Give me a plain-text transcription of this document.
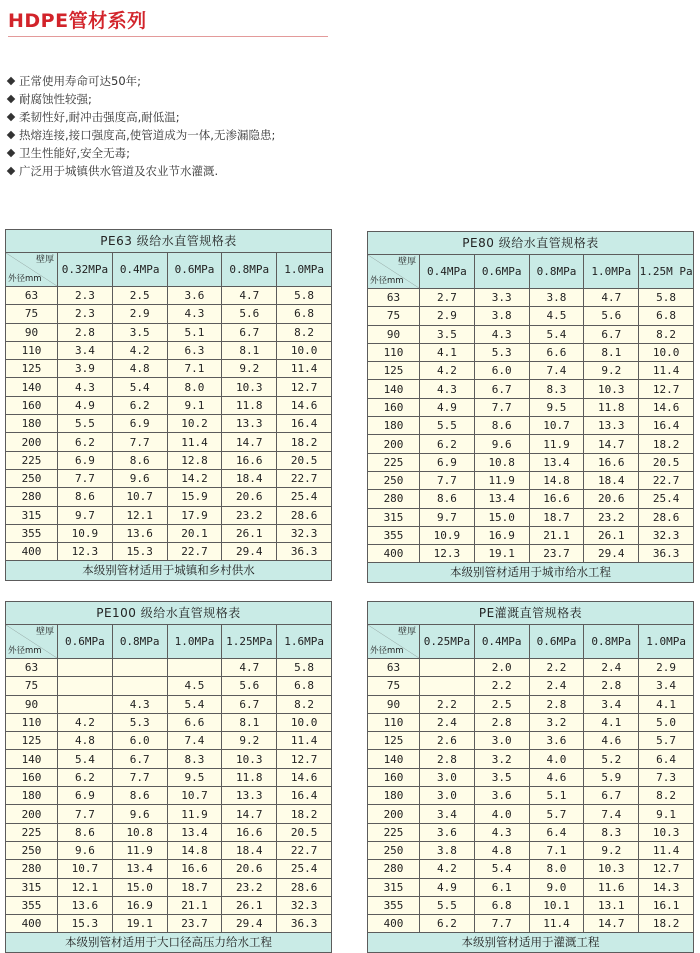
HDPE管材系列
正常使用寿命可达50年;
耐腐蚀性较强;
柔韧性好,耐冲击强度高,耐低温;
热熔连接,接口强度高,使管道成为一体,无渗漏隐患;
卫生性能好,安全无毒;
广泛用于城镇供水管道及农业节水灌溉.
PE63 级给水直管规格表					

壁厚
外径mm	0.32MPa	0.4MPa	0.6MPa	0.8MPa	1.0MPa
63	2.3	2.5	3.6	4.7	5.8
75	2.3	2.9	4.3	5.6	6.8
90	2.8	3.5	5.1	6.7	8.2
110	3.4	4.2	6.3	8.1	10.0
125	3.9	4.8	7.1	9.2	11.4
140	4.3	5.4	8.0	10.3	12.7
160	4.9	6.2	9.1	11.8	14.6
180	5.5	6.9	10.2	13.3	16.4
200	6.2	7.7	11.4	14.7	18.2
225	6.9	8.6	12.8	16.6	20.5
250	7.7	9.6	14.2	18.4	22.7
280	8.6	10.7	15.9	20.6	25.4
315	9.7	12.1	17.9	23.2	28.6
355	10.9	13.6	20.1	26.1	32.3
400	12.3	15.3	22.7	29.4	36.3
本级别管材适用于城镇和乡村供水					
PE80 级给水直管规格表					

壁厚
外径mm	0.4MPa	0.6MPa	0.8MPa	1.0MPa	1.25M Pa
63	2.7	3.3	3.8	4.7	5.8
75	2.9	3.8	4.5	5.6	6.8
90	3.5	4.3	5.4	6.7	8.2
110	4.1	5.3	6.6	8.1	10.0
125	4.2	6.0	7.4	9.2	11.4
140	4.3	6.7	8.3	10.3	12.7
160	4.9	7.7	9.5	11.8	14.6
180	5.5	8.6	10.7	13.3	16.4
200	6.2	9.6	11.9	14.7	18.2
225	6.9	10.8	13.4	16.6	20.5
250	7.7	11.9	14.8	18.4	22.7
280	8.6	13.4	16.6	20.6	25.4
315	9.7	15.0	18.7	23.2	28.6
355	10.9	16.9	21.1	26.1	32.3
400	12.3	19.1	23.7	29.4	36.3
本级别管材适用于城市给水工程					
PE100 级给水直管规格表					

壁厚
外径mm	0.6MPa	0.8MPa	1.0MPa	1.25MPa	1.6MPa
63				4.7	5.8
75			4.5	5.6	6.8
90		4.3	5.4	6.7	8.2
110	4.2	5.3	6.6	8.1	10.0
125	4.8	6.0	7.4	9.2	11.4
140	5.4	6.7	8.3	10.3	12.7
160	6.2	7.7	9.5	11.8	14.6
180	6.9	8.6	10.7	13.3	16.4
200	7.7	9.6	11.9	14.7	18.2
225	8.6	10.8	13.4	16.6	20.5
250	9.6	11.9	14.8	18.4	22.7
280	10.7	13.4	16.6	20.6	25.4
315	12.1	15.0	18.7	23.2	28.6
355	13.6	16.9	21.1	26.1	32.3
400	15.3	19.1	23.7	29.4	36.3
本级别管材适用于大口径高压力给水工程					
PE灌溉直管规格表					

壁厚
外径mm	0.25MPa	0.4MPa	0.6MPa	0.8MPa	1.0MPa
63		2.0	2.2	2.4	2.9
75		2.2	2.4	2.8	3.4
90	2.2	2.5	2.8	3.4	4.1
110	2.4	2.8	3.2	4.1	5.0
125	2.6	3.0	3.6	4.6	5.7
140	2.8	3.2	4.0	5.2	6.4
160	3.0	3.5	4.6	5.9	7.3
180	3.0	3.6	5.1	6.7	8.2
200	3.4	4.0	5.7	7.4	9.1
225	3.6	4.3	6.4	8.3	10.3
250	3.8	4.8	7.1	9.2	11.4
280	4.2	5.4	8.0	10.3	12.7
315	4.9	6.1	9.0	11.6	14.3
355	5.5	6.8	10.1	13.1	16.1
400	6.2	7.7	11.4	14.7	18.2
本级别管材适用于灌溉工程					
